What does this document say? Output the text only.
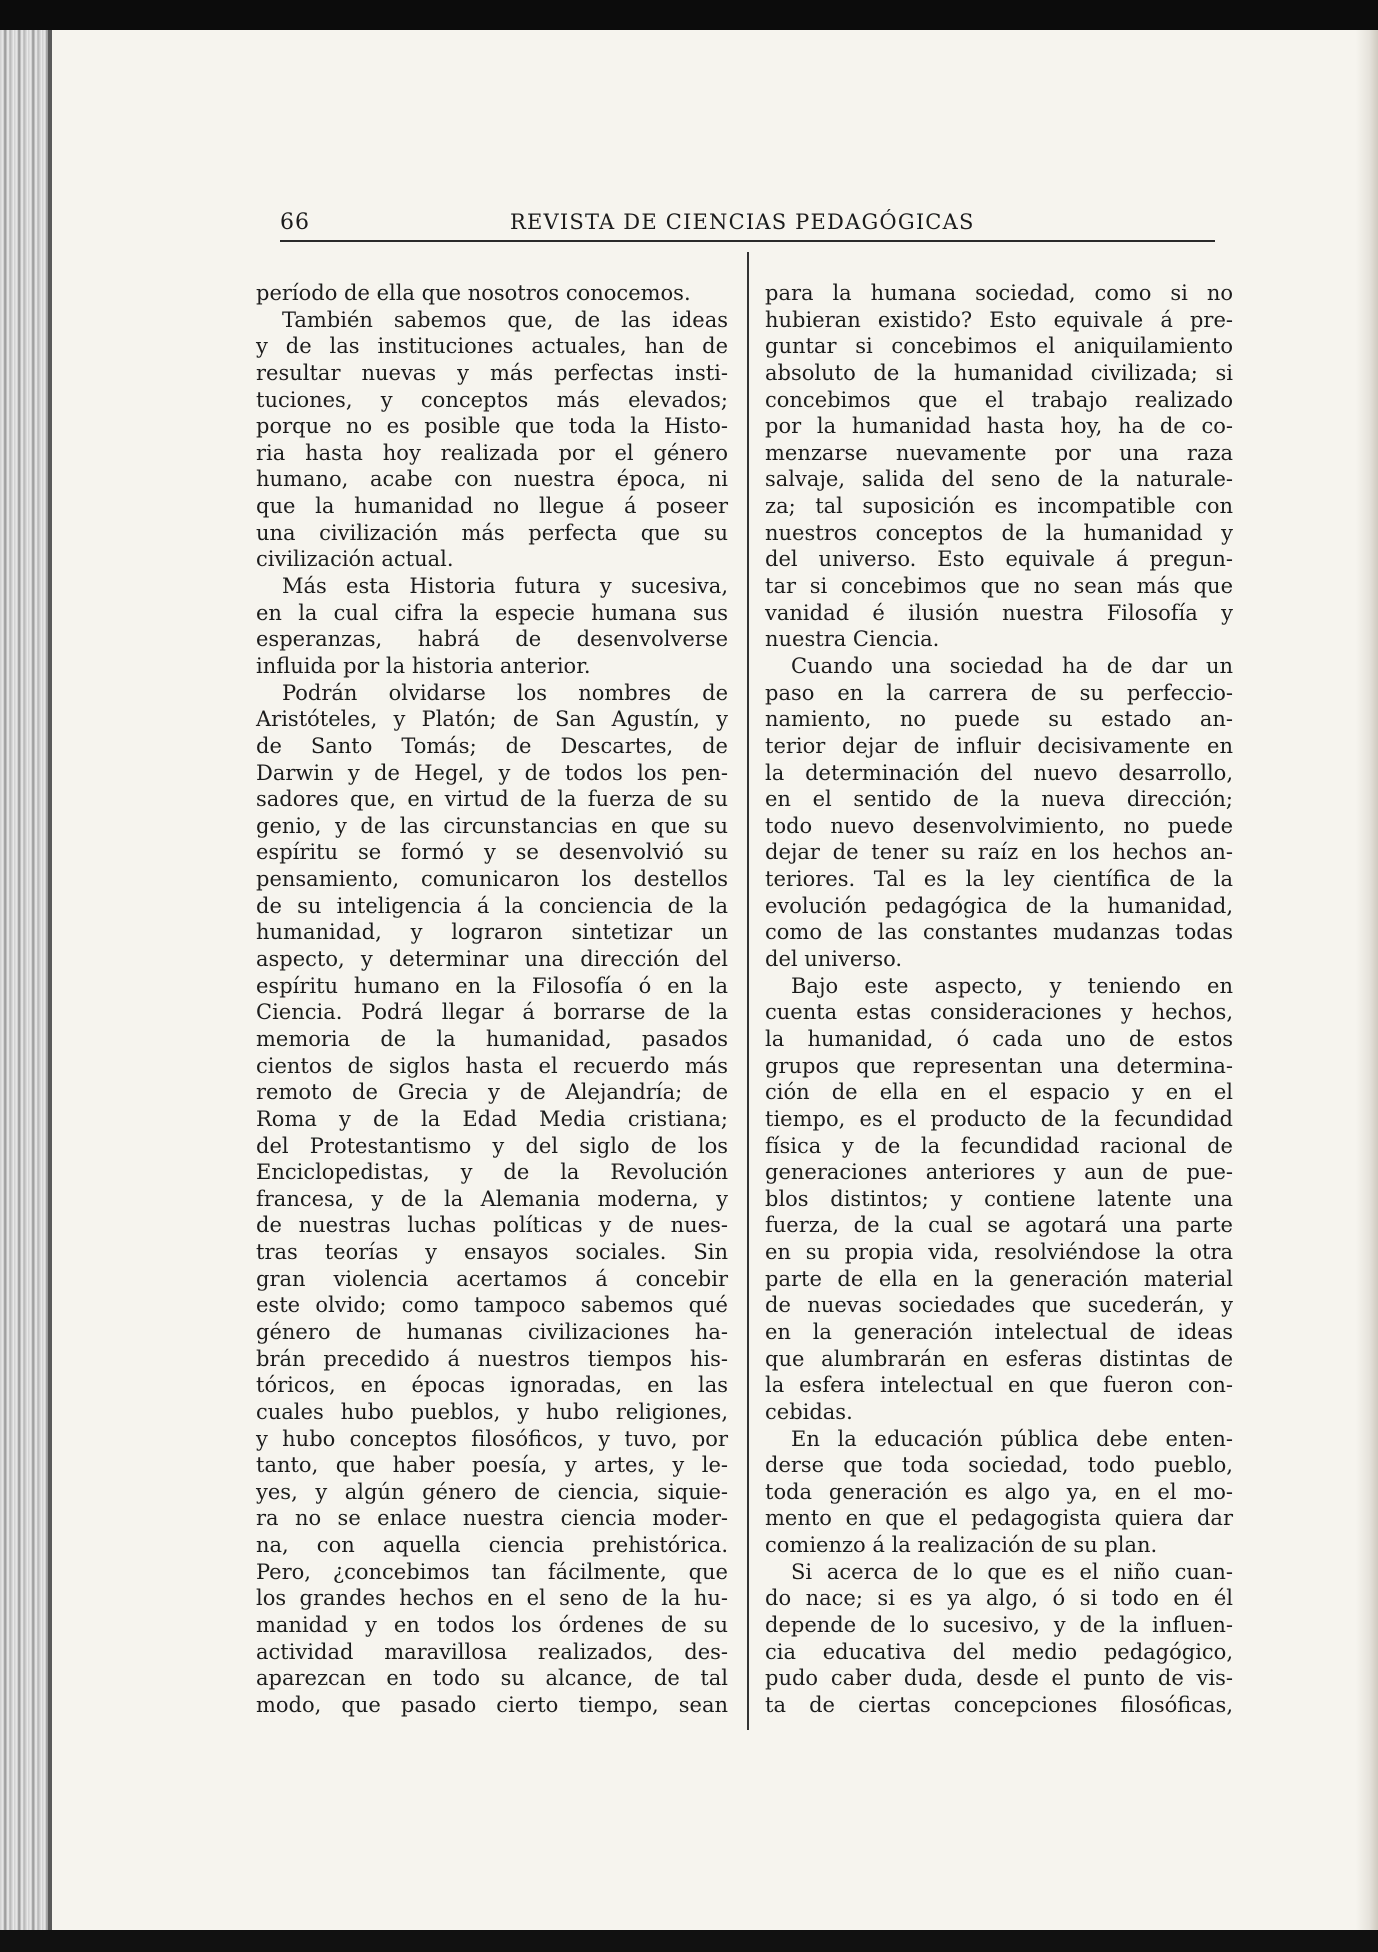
66	REVISTA DE CIENCIAS PEDAGÓGICAS
período de ella que nosotros conocemos.
También sabemos que, de las ideas
y de las instituciones actuales, han de
resultar nuevas y más perfectas insti-
tuciones, y conceptos más elevados;
porque no es posible que toda la Histo-
ria hasta hoy realizada por el género
humano, acabe con nuestra época, ni
que la humanidad no llegue á poseer
una civilización más perfecta que su
civilización actual.
Más esta Historia futura y sucesiva,
en la cual cifra la especie humana sus
esperanzas, habrá de desenvolverse
influida por la historia anterior.
Podrán olvidarse los nombres de
Aristóteles, y Platón; de San Agustín, y
de Santo Tomás; de Descartes, de
Darwin y de Hegel, y de todos los pen-
sadores que, en virtud de la fuerza de su
genio, y de las circunstancias en que su
espíritu se formó y se desenvolvió su
pensamiento, comunicaron los destellos
de su inteligencia á la conciencia de la
humanidad, y lograron sintetizar un
aspecto, y determinar una dirección del
espíritu humano en la Filosofía ó en la
Ciencia. Podrá llegar á borrarse de la
memoria de la humanidad, pasados
cientos de siglos hasta el recuerdo más
remoto de Grecia y de Alejandría; de
Roma y de la Edad Media cristiana;
del Protestantismo y del siglo de los
Enciclopedistas, y de la Revolución
francesa, y de la Alemania moderna, y
de nuestras luchas políticas y de nues-
tras teorías y ensayos sociales. Sin
gran violencia acertamos á concebir
este olvido; como tampoco sabemos qué
género de humanas civilizaciones ha-
brán precedido á nuestros tiempos his-
tóricos, en épocas ignoradas, en las
cuales hubo pueblos, y hubo religiones,
y hubo conceptos filosóficos, y tuvo, por
tanto, que haber poesía, y artes, y le-
yes, y algún género de ciencia, siquie-
ra no se enlace nuestra ciencia moder-
na, con aquella ciencia prehistórica.
Pero, ¿concebimos tan fácilmente, que
los grandes hechos en el seno de la hu-
manidad y en todos los órdenes de su
actividad maravillosa realizados, des-
aparezcan en todo su alcance, de tal
modo, que pasado cierto tiempo, sean
para la humana sociedad, como si no
hubieran existido? Esto equivale á pre-
guntar si concebimos el aniquilamiento
absoluto de la humanidad civilizada; si
concebimos que el trabajo realizado
por la humanidad hasta hoy, ha de co-
menzarse nuevamente por una raza
salvaje, salida del seno de la naturale-
za; tal suposición es incompatible con
nuestros conceptos de la humanidad y
del universo. Esto equivale á pregun-
tar si concebimos que no sean más que
vanidad é ilusión nuestra Filosofía y
nuestra Ciencia.
Cuando una sociedad ha de dar un
paso en la carrera de su perfeccio-
namiento, no puede su estado an-
terior dejar de influir decisivamente en
la determinación del nuevo desarrollo,
en el sentido de la nueva dirección;
todo nuevo desenvolvimiento, no puede
dejar de tener su raíz en los hechos an-
teriores. Tal es la ley científica de la
evolución pedagógica de la humanidad,
como de las constantes mudanzas todas
del universo.
Bajo este aspecto, y teniendo en
cuenta estas consideraciones y hechos,
la humanidad, ó cada uno de estos
grupos que representan una determina-
ción de ella en el espacio y en el
tiempo, es el producto de la fecundidad
física y de la fecundidad racional de
generaciones anteriores y aun de pue-
blos distintos; y contiene latente una
fuerza, de la cual se agotará una parte
en su propia vida, resolviéndose la otra
parte de ella en la generación material
de nuevas sociedades que sucederán, y
en la generación intelectual de ideas
que alumbrarán en esferas distintas de
la esfera intelectual en que fueron con-
cebidas.
En la educación pública debe enten-
derse que toda sociedad, todo pueblo,
toda generación es algo ya, en el mo-
mento en que el pedagogista quiera dar
comienzo á la realización de su plan.
Si acerca de lo que es el niño cuan-
do nace; si es ya algo, ó si todo en él
depende de lo sucesivo, y de la influen-
cia educativa del medio pedagógico,
pudo caber duda, desde el punto de vis-
ta de ciertas concepciones filosóficas,
